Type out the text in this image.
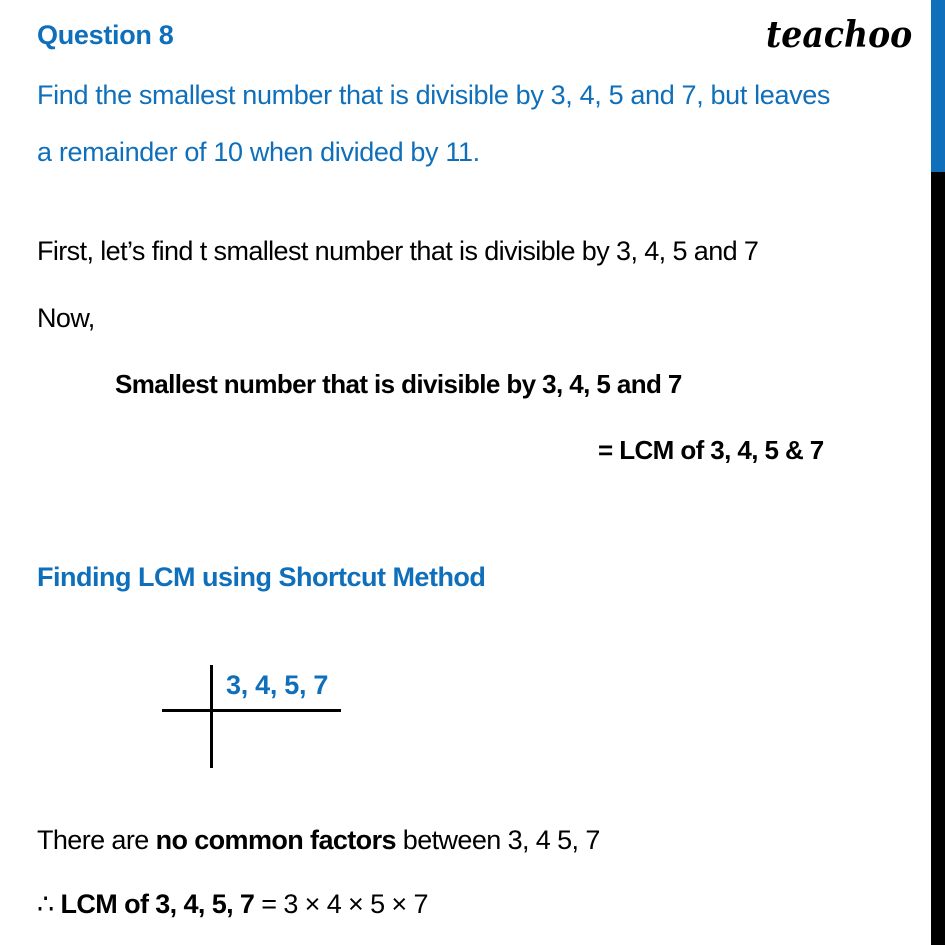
Question 8	teachoo
Find the smallest number that is divisible by 3, 4, 5 and 7, but leaves
a remainder of 10 when divided by 11.
First, let’s find t smallest number that is divisible by 3, 4, 5 and 7
Now,
Smallest number that is divisible by 3, 4, 5 and 7
= LCM of 3, 4, 5 & 7
Finding LCM using Shortcut Method
3, 4, 5, 7
There are no common factors between 3, 4 5, 7
∴ LCM of 3, 4, 5, 7 = 3 × 4 × 5 × 7
